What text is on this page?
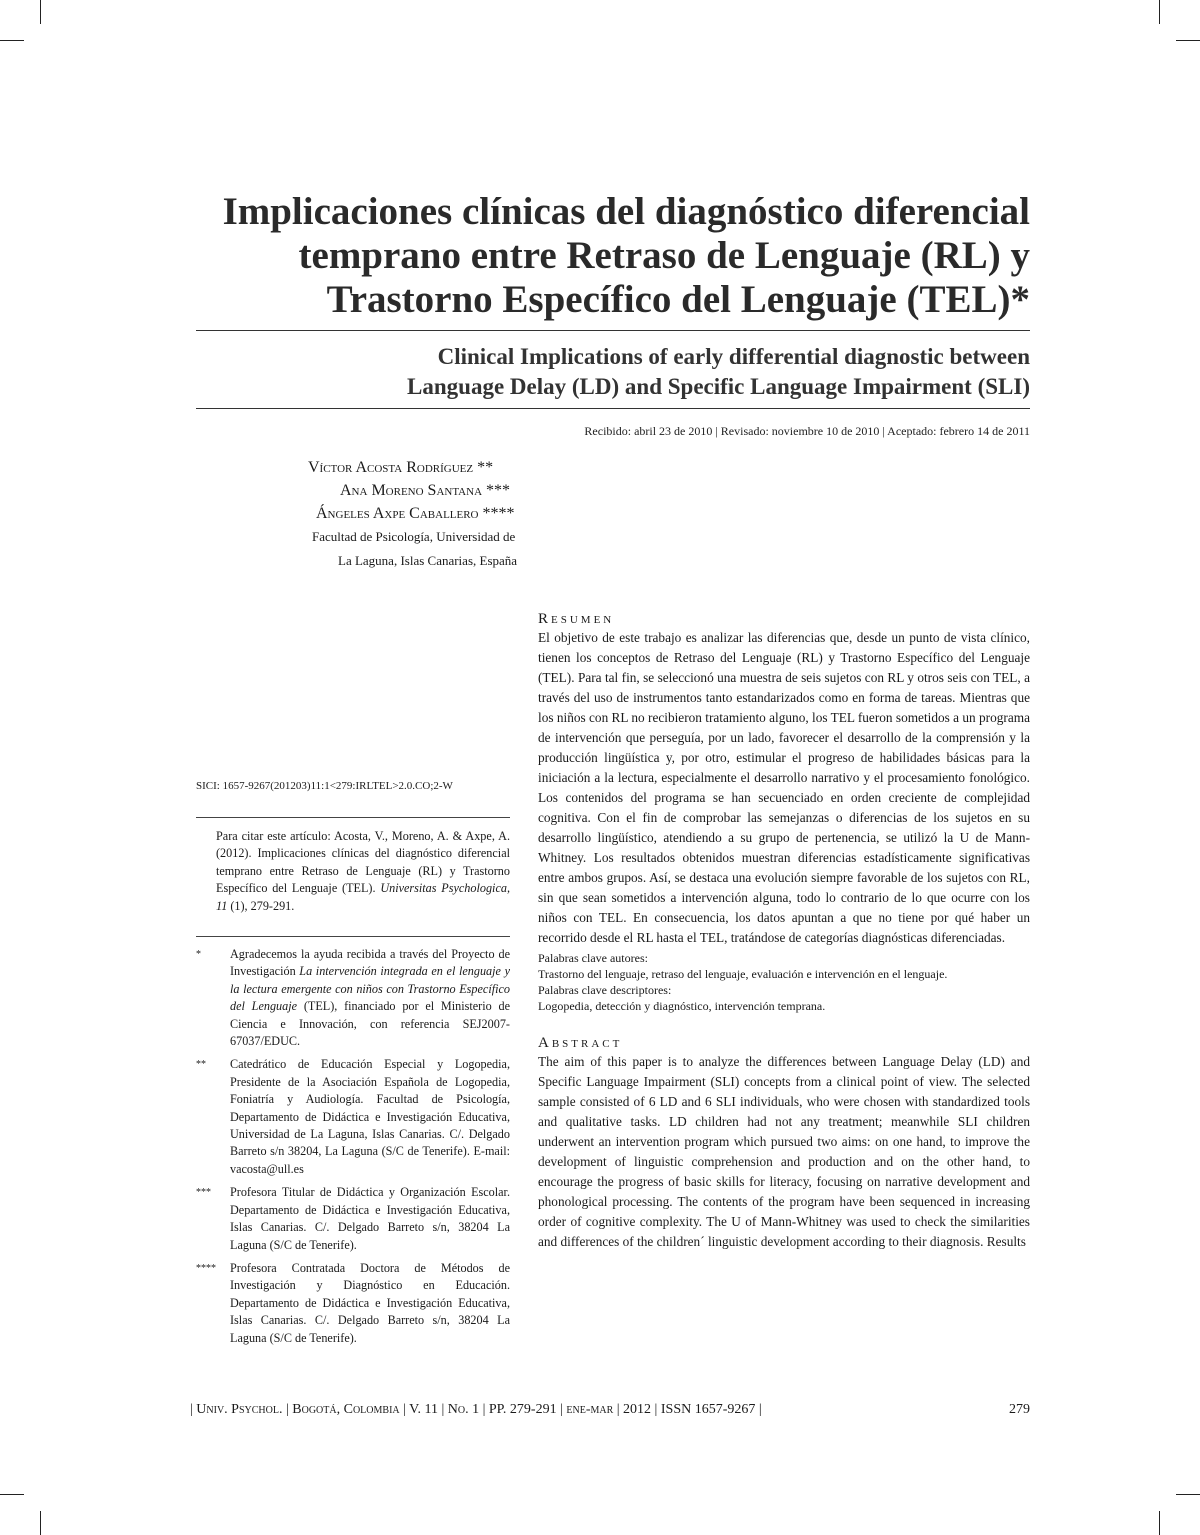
Implicaciones clínicas del diagnóstico diferencial
temprano entre Retraso de Lenguaje (RL) y
Trastorno Específico del Lenguaje (TEL)*
Clinical Implications of early differential diagnostic between
Language Delay (LD) and Specific Language Impairment (SLI)
Recibido: abril 23 de 2010 | Revisado: noviembre 10 de 2010 | Aceptado: febrero 14 de 2011
Víctor Acosta Rodríguez **
Ana Moreno Santana ***
Ángeles Axpe Caballero ****
Facultad de Psicología, Universidad de
La Laguna, Islas Canarias, España
SICI: 1657-9267(201203)11:1<279:IRLTEL>2.0.CO;2-W
Para citar este artículo: Acosta, V., Moreno, A. & Axpe, A. (2012). Implicaciones clínicas del diagnóstico diferencial temprano entre Retraso de Lenguaje (RL) y Trastorno Específico del Lenguaje (TEL). Universitas Psychologica, 11 (1), 279-291.
*	Agradecemos la ayuda recibida a través del Proyecto de Investigación La intervención integrada en el lenguaje y la lectura emergente con niños con Trastorno Específico del Lenguaje (TEL), financiado por el Ministerio de Ciencia e Innovación, con referencia SEJ2007-67037/EDUC.
**	Catedrático de Educación Especial y Logopedia, Presidente de la Asociación Española de Logopedia, Foniatría y Audiología. Facultad de Psicología, Departamento de Didáctica e Investigación Educativa, Universidad de La Laguna, Islas Canarias. C/. Delgado Barreto s/n 38204, La Laguna (S/C de Tenerife). E-mail: vacosta@ull.es
***	Profesora Titular de Didáctica y Organización Escolar. Departamento de Didáctica e Investigación Educativa, Islas Canarias. C/. Delgado Barreto s/n, 38204 La Laguna (S/C de Tenerife).
****	Profesora Contratada Doctora de Métodos de Investigación y Diagnóstico en Educación. Departamento de Didáctica e Investigación Educativa, Islas Canarias. C/. Delgado Barreto s/n, 38204 La Laguna (S/C de Tenerife).
Resumen
El objetivo de este trabajo es analizar las diferencias que, desde un punto de vista clínico, tienen los conceptos de Retraso del Lenguaje (RL) y Trastorno Específico del Lenguaje (TEL). Para tal fin, se seleccionó una muestra de seis sujetos con RL y otros seis con TEL, a través del uso de instrumentos tanto estandarizados como en forma de tareas. Mientras que los niños con RL no recibieron tratamiento alguno, los TEL fueron sometidos a un programa de intervención que perseguía, por un lado, favorecer el desarrollo de la comprensión y la producción lingüística y, por otro, estimular el progreso de habilidades básicas para la iniciación a la lectura, especialmente el desarrollo narrativo y el procesamiento fonológico. Los contenidos del programa se han secuenciado en orden creciente de complejidad cognitiva. Con el fin de comprobar las semejanzas o diferencias de los sujetos en su desarrollo lingüístico, atendiendo a su grupo de pertenencia, se utilizó la U de Mann-Whitney. Los resultados obtenidos muestran diferencias estadísticamente significativas entre ambos grupos. Así, se destaca una evolución siempre favorable de los sujetos con RL, sin que sean sometidos a intervención alguna, todo lo contrario de lo que ocurre con los niños con TEL. En consecuencia, los datos apuntan a que no tiene por qué haber un recorrido desde el RL hasta el TEL, tratándose de categorías diagnósticas diferenciadas.
Palabras clave autores:
Trastorno del lenguaje, retraso del lenguaje, evaluación e intervención en el lenguaje.
Palabras clave descriptores:
Logopedia, detección y diagnóstico, intervención temprana.
Abstract
The aim of this paper is to analyze the differences between Language Delay (LD) and Specific Language Impairment (SLI) concepts from a clinical point of view. The selected sample consisted of 6 LD and 6 SLI individuals, who were chosen with standardized tools and qualitative tasks. LD children had not any treatment; meanwhile SLI children underwent an intervention program which pursued two aims: on one hand, to improve the development of linguistic comprehension and production and on the other hand, to encourage the progress of basic skills for literacy, focusing on narrative development and phonological processing. The contents of the program have been sequenced in increasing order of cognitive complexity. The U of Mann-Whitney was used to check the similarities and differences of the children´ linguistic development according to their diagnosis. Results
| Univ. Psychol. | Bogotá, Colombia | V. 11 | No. 1 | PP. 279-291 | ene-mar | 2012 | ISSN 1657-9267 |	279
